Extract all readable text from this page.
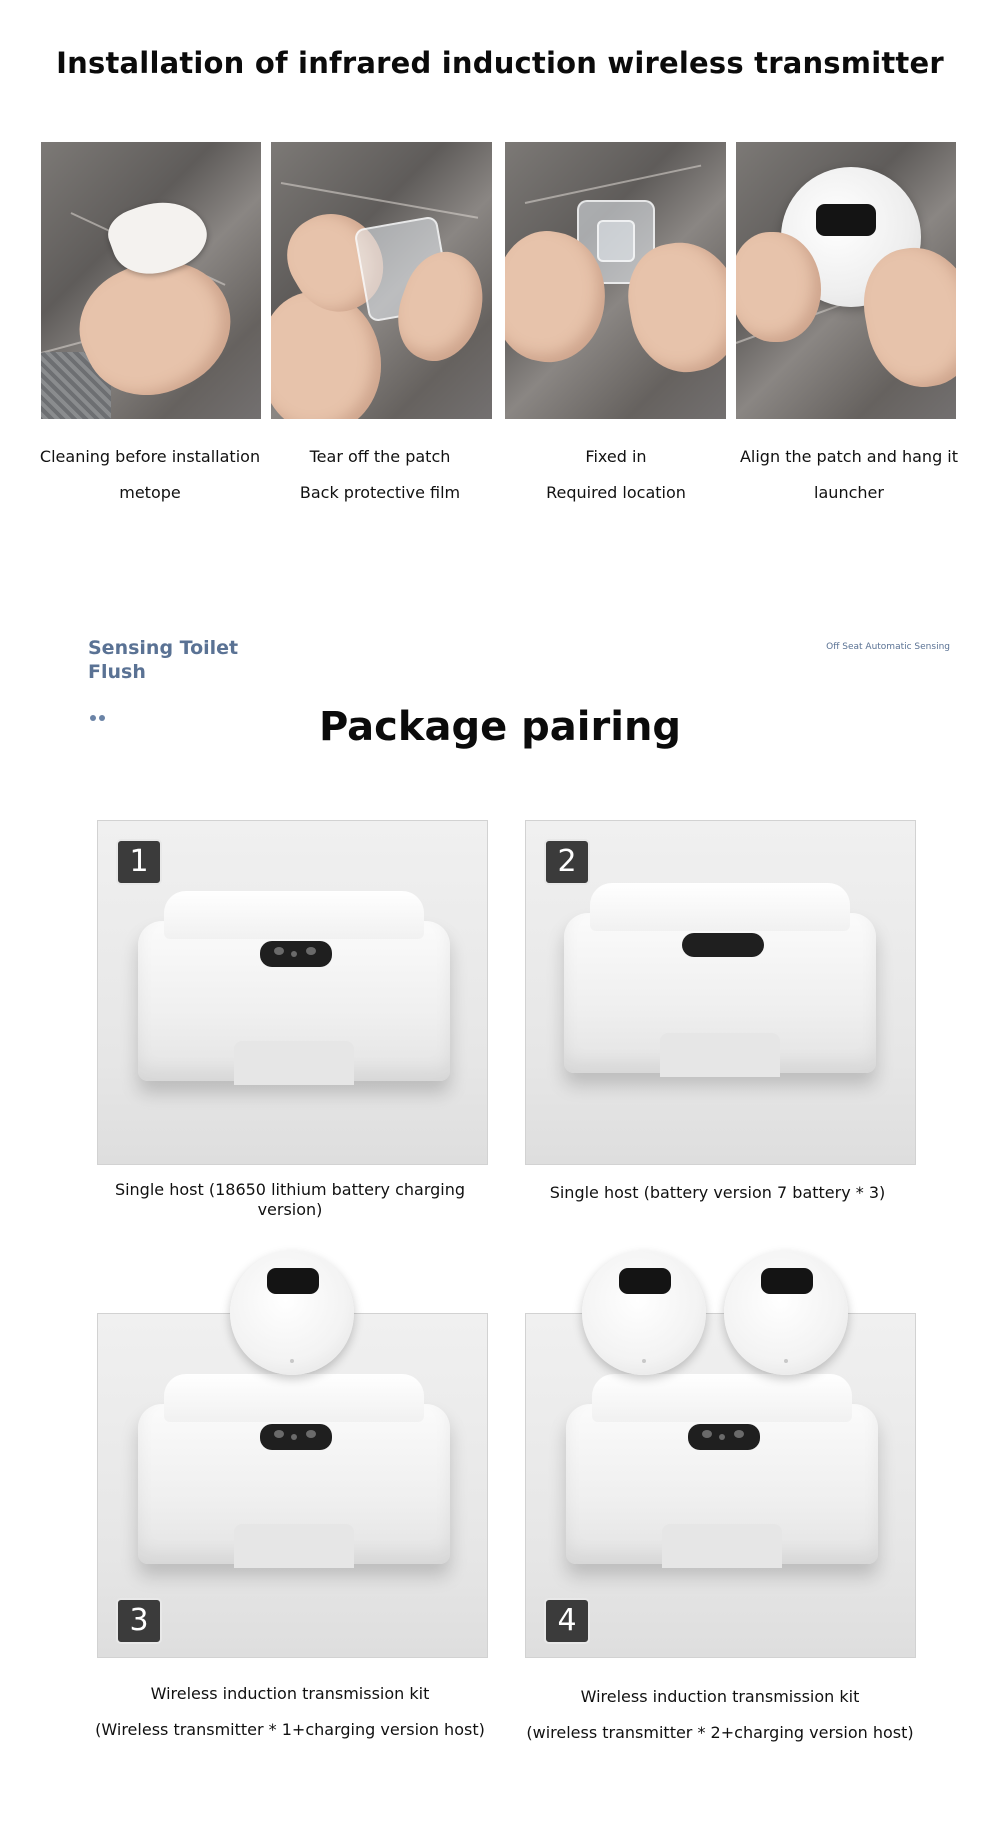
Installation of infrared induction wireless transmitter
Cleaning before installation
metope
Tear off the patch
Back protective film
Fixed in
Required location
Align the patch and hang it
launcher
Sensing Toilet
Flush
Off Seat Automatic Sensing
Package pairing
1	2
Single host (18650 lithium battery charging version)
Single host (battery version 7 battery * 3)
3	4
Wireless induction transmission kit
(Wireless transmitter * 1+charging version host)
Wireless induction transmission kit
(wireless transmitter * 2+charging version host)
